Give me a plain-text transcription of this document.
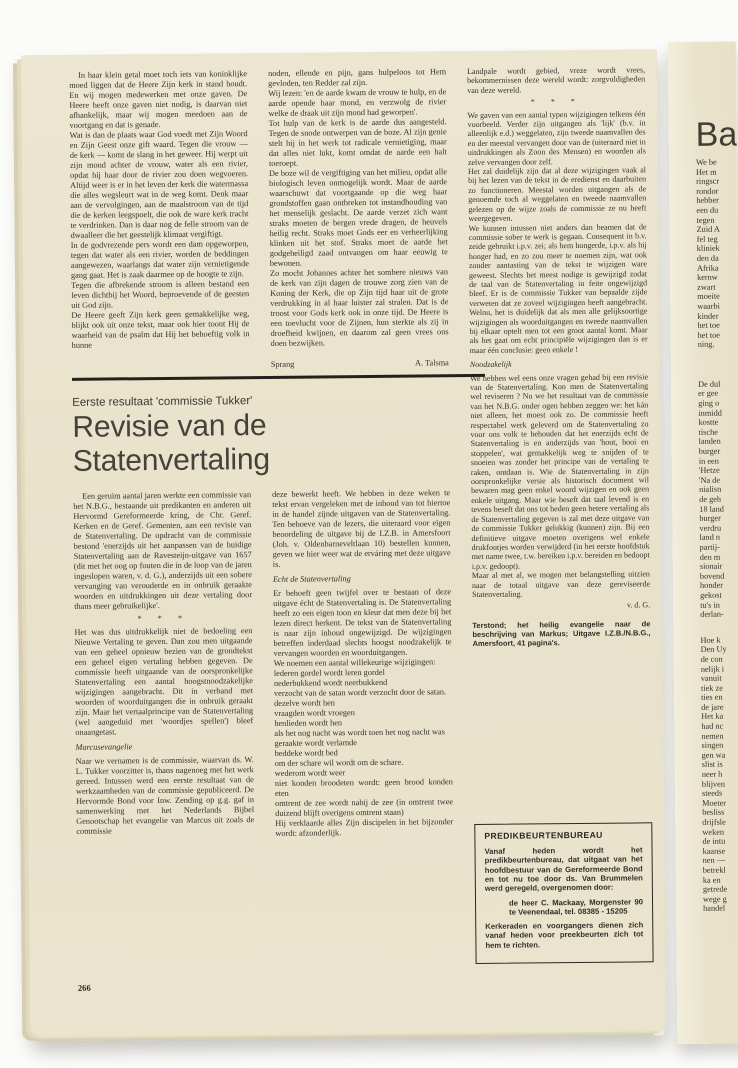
In haar klein getal moet toch iets van koninklijke moed liggen dat de Heere Zijn kerk in stand houdt. En wij mogen medewerken met onze gaven. De Heere heeft onze gaven niet nodig, is daarvan niet afhankelijk, maar wij mogen meedoen aan de voortgang en dat is genade.

Wat is dan de plaats waar God voedt met Zijn Woord en Zijn Geest onze gift waard. Tegen die vrouw — de kerk — komt de slang in het geweer. Hij werpt uit zijn mond achter de vrouw, water als een rivier, opdat hij haar door de rivier zou doen wegvoeren. Altijd weer is er in het leven der kerk die watermassa die alles wegsleurt wat in de weg komt. Denk maar aan de vervolgingen, aan de maalstroom van de tijd die de kerken leegspoelt, die ook de ware kerk tracht te verdrinken. Dan is daar nog de felle stroom van de dwaalleer die het geestelijk klimaat vergiftigt.

In de godvrezende pers wordt een dam opgeworpen, tegen dat water als een rivier, worden de beddingen aangewezen, waarlangs dat water zijn vernietigende gang gaat. Het is zaak daarmee op de hoogte te zijn.

Tegen die afbrekende stroom is alleen bestand een leven dichtbij het Woord, beproevende of de geesten uit God zijn.

De Heere geeft Zijn kerk geen gemakkelijke weg, blijkt ook uit onze tekst, maar ook hier toont Hij de waarheid van de psalm dat Hij het behoeftig volk in hunne

noden, ellende en pijn, gans hulpeloos tot Hem gevloden, ten Redder zal zijn.

Wij lezen: 'en de aarde kwam de vrouw te hulp, en de aarde opende haar mond, en verzwolg de rivier welke de draak uit zijn mond had geworpen'.

Tot hulp van de kerk is de aarde dus aangesteld. Tegen de snode ontwerpen van de boze. Al zijn genie stelt hij in het werk tot radicale vernietiging, maar dat alles niet lukt, komt omdat de aarde een halt toeroept.

De boze wil de vergiftiging van het milieu, opdat alle biologisch leven onmogelijk wordt. Maar de aarde waarschuwt dat voortgaande op die weg haar grondstoffen gaan ontbreken tot instandhouding van het menselijk geslacht. De aarde verzet zich want straks moeten de bergen vrede dragen, de heuvels heilig recht. Straks moet Gods eer en verheerlijking klinken uit het stof. Straks moet de aarde het godgeheiligd zaad ontvangen om haar eeuwig te bewonen.

Zo mocht Johannes achter het sombere nieuws van de kerk van zijn dagen de trouwe zorg zien van de Koning der Kerk, die op Zijn tijd haar uit de grote verdrukking in al haar luister zal stralen. Dat is de troost voor Gods kerk ook in onze tijd. De Heere is een toevlucht voor de Zijnen, hun sterkte als zij in droefheid kwijnen, en daarom zal geen vrees ons doen bezwijken.

Sprang	A. Talsma
Eerste resultaat 'commissie Tukker'
Revisie van de Statenvertaling

Een geruim aantal jaren werkte een commissie van het N.B.G., bestaande uit predikanten en anderen uit Hervormd Gereformeerde kring, de Chr. Geref. Kerken en de Geref. Gementen, aan een revisie van de Statenvertaling. De opdracht van de commissie bestond 'enerzijds uit het aanpassen van de huidige Statenvertaling aan de Ravesteijn-uitgave van 1657 (dit met het oog op fouten die in de loop van de jaren ingeslopen waren, v. d. G.), anderzijds uit een sobere vervanging van verouderde en in onbruik geraakte woorden en uitdrukkingen uit deze vertaling door thans meer gebruikelijke'.

* * *

Het was dus uitdrukkelijk niet de bedoeling een Nieuwe Vertaling te geven. Dan zou men uitgaande van een geheel opnieuw bezien van de grondtekst een geheel eigen vertaling hebben gegeven. De commissie heeft uitgaande van de oorspronkelijke Statenvertaling een aantal hoogstnoodzakelijke wijzigingen aangebracht. Dit in verband met woorden of woorduitgangen die in onbruik geraakt zijn. Maar het vertaalprincipe van de Statenvertaling (wel aangeduid met 'woordjes spellen') bleef onaangetast.

Marcusevangelie

Naar we vernamen is de commissie, waarvan ds. W. L. Tukker voorzitter is, thans nagenoeg met het werk gereed. Intussen werd een eerste resultaat van de werkzaamheden van de commissie gepubliceerd. De Hervormde Bond voor Inw. Zending op g.g. gaf in samenwerking met het Nederlands Bijbel Genootschap het evangelie van Marcus uit zoals de commissie

deze bewerkt heeft. We hebben in deze weken te tekst ervan vergeleken met de inhoud van tot hiertoe in de handel zijnde uitgaven van de Statenvertaling. Ten behoeve van de lezers, die uiteraard voor eigen beoordeling de uitgave bij de I.Z.B. in Amersfoort (Joh. v. Oldenbarneveltlaan 10) bestellen kunnen, geven we hier weer wat de erváring met deze uitgave is.

Echt de Statenvertaling

Er behoeft geen twijfel over te bestaan of deze uitgave écht de Statenvertaling is. De Statenvertaling heeft zo een eigen toon en kleur dat men deze bij het lezen direct herkent. De tekst van de Statenvertaling is naar zijn inhoud ongewijzigd. De wijzigingen betreffen inderdaad slechts hoogst noodzakelijk te vervangen woorden en woorduitgangen.

We noemen een aantal willekeurige wijzigingen:

lederen gordel wordt leren gordel

nederbukkend wordt neerbukkend

verzocht van de satan wordt verzocht door de satan.

dezelve wordt hen

vraagden wordt vroegen

henlieden wordt hen

als het nog nacht was wordt toen het nog nacht was

geraakte wordt verlamde

beddeke wordt bed

om der schare wil wordt om de schare.

wederom wordt weer

niet konden broodeten wordt: geen brood konden eten

omtrent de zee wordt nabij de zee (in omtrent twee duizend blijft overigens omtrent staan)

Hij verklaarde alles Zijn discipelen in het bijzonder wordt: afzonderlijk.

Landpale wordt gebied, vreze wordt vrees, bekommernissen deze wereld wordt: zorgvuldigheden van deze wereld.

* * *

We gaven van een aantal typen wijzigingen telkens één voorbeeld. Verder zijn uitgangen als 'lijk' (b.v. in alleenlijk e.d.) weggelaten, zijn tweede naamvallen des en der meestal vervangen door van de (uiteraard niet in uitdrukkingen als Zoon des Mensen) en woorden als zelve vervangen door zelf.

Het zal duidelijk zijn dat al deze wijzigingen vaak al bij het lezen van de tekst in de eredienst en daarbuiten zo functioneren. Meestal worden uitgangen als de genoemde toch al weggelaten en tweede naamvallen gelezen op de wijze zoals de commissie ze nu heeft weergegeven.

We kunnen intussen niet anders dan beamen dat de commissie sober te werk is gegaan. Consequent in b.v. zeide gebruikt i.p.v. zei; als hem hongerde, i.p.v. als hij honger had, en zo zou meer te noemen zijn, wat ook zonder aantasting van de tekst te wijzigen ware geweest. Slechts het meest nodige is gewijzigd zodat de taal van de Statenvertaling in feite ongewijzigd bleef. Er is de commissie Tukker van bepaalde zijde verweten dat ze zoveel wijzigingen heeft aangebracht. Welnu, het is duidelijk dat als men alle gelijksoortige wijzigingen als woorduitgangen en tweede naamvallen bij elkaar optelt men tot een groot aantal komt. Maar als het gaat om echt principiële wijzigingen dan is er maar één conclusie: geen enkele !

Noodzakelijk

We hebben wel eens onze vragen gehad bij een revisie van de Statenvertaling. Kon men de Statenvertaling wel reviseren ? Nu we het resultaat van de commissie van het N.B.G. onder ogen hebben zeggen we: het kán niet alleen, het moest ook zo. De commissie heeft respectabel werk geleverd om de Statenvertaling zo voor ons volk te behouden dat het enerzijds echt de Statenvertaling is en anderzijds van 'hout, hooi en stoppelen', wat gemakkelijk weg te snijden of te snoeien was zonder het principe van de vertaling te raken, ontdaan is. Wie de Statenvertaling in zijn oorspronkelijke versie als historisch document wil bewaren mag geen enkel woord wijzigen en ook geen enkele uitgang. Maar wie beseft dat taal levend is en tevens beseft dat ons tot heden geen betere vertaling als de Statenvertaling gegeven is zal met deze uitgave van de commissie Tukker gelukkig (kunnen) zijn. Bij een definitieve uitgave moeten overigens wel enkele drukfoutjes worden verwijderd (in het eerste hoofdstuk met name twee, t.w. bereiken i.p.v. bereiden en bedoopt i.p.v. gedoopt).

Maar al met al, we mogen met belangstelling uitzien naar de totaal uitgave van deze gereviseerde Statenvertaling.

v. d. G.
Terstond; het heilig evangelie naar de beschrijving van Markus; Uitgave I.Z.B./N.B.G., Amersfoort, 41 pagina's.
PREDIKBEURTENBUREAU

Vanaf heden wordt het predikbeurtenbureau, dat uitgaat van het hoofdbestuur van de Gereformeerde Bond en tot nu toe door ds. Van Brummelen werd geregeld, overgenomen door:

de heer C. Mackaay, Morgenster 90 te Veenendaal, tel. 08385 - 15205

Kerkeraden en voorgangers dienen zich vanaf heden voor preekbeurten zich tot hem te richten.

266
Ba
We be
Het m
ringscr
rondor
hebber
een du
tegen
Zuid A
fel teg
kliniek
den da
Afrika
kernw
zwart
moeite
waarbi
kinder
het toe
het toe
ning.
De dul
er gee
ging o
inmidd
kostte
tische
landen
burger
in een
'Hetze
'Na de
nialisn
de geh
18 land
burger
verdru
land n
partij-
den m
sionair
bovend
honder
gekost
tu's in
derlan-
Hoe k
Den Uy
de con
nelijk i
vanuit
tiek ze
ties en
de jare
Het ka
had nc
nemen
singen
gen wa
slist is
neer h
blijven
steeds
Moeter
besliss
drijfsle
weken
de intu
kaanse
nen —
betrekl
ka en
getrede
wege g
handel
